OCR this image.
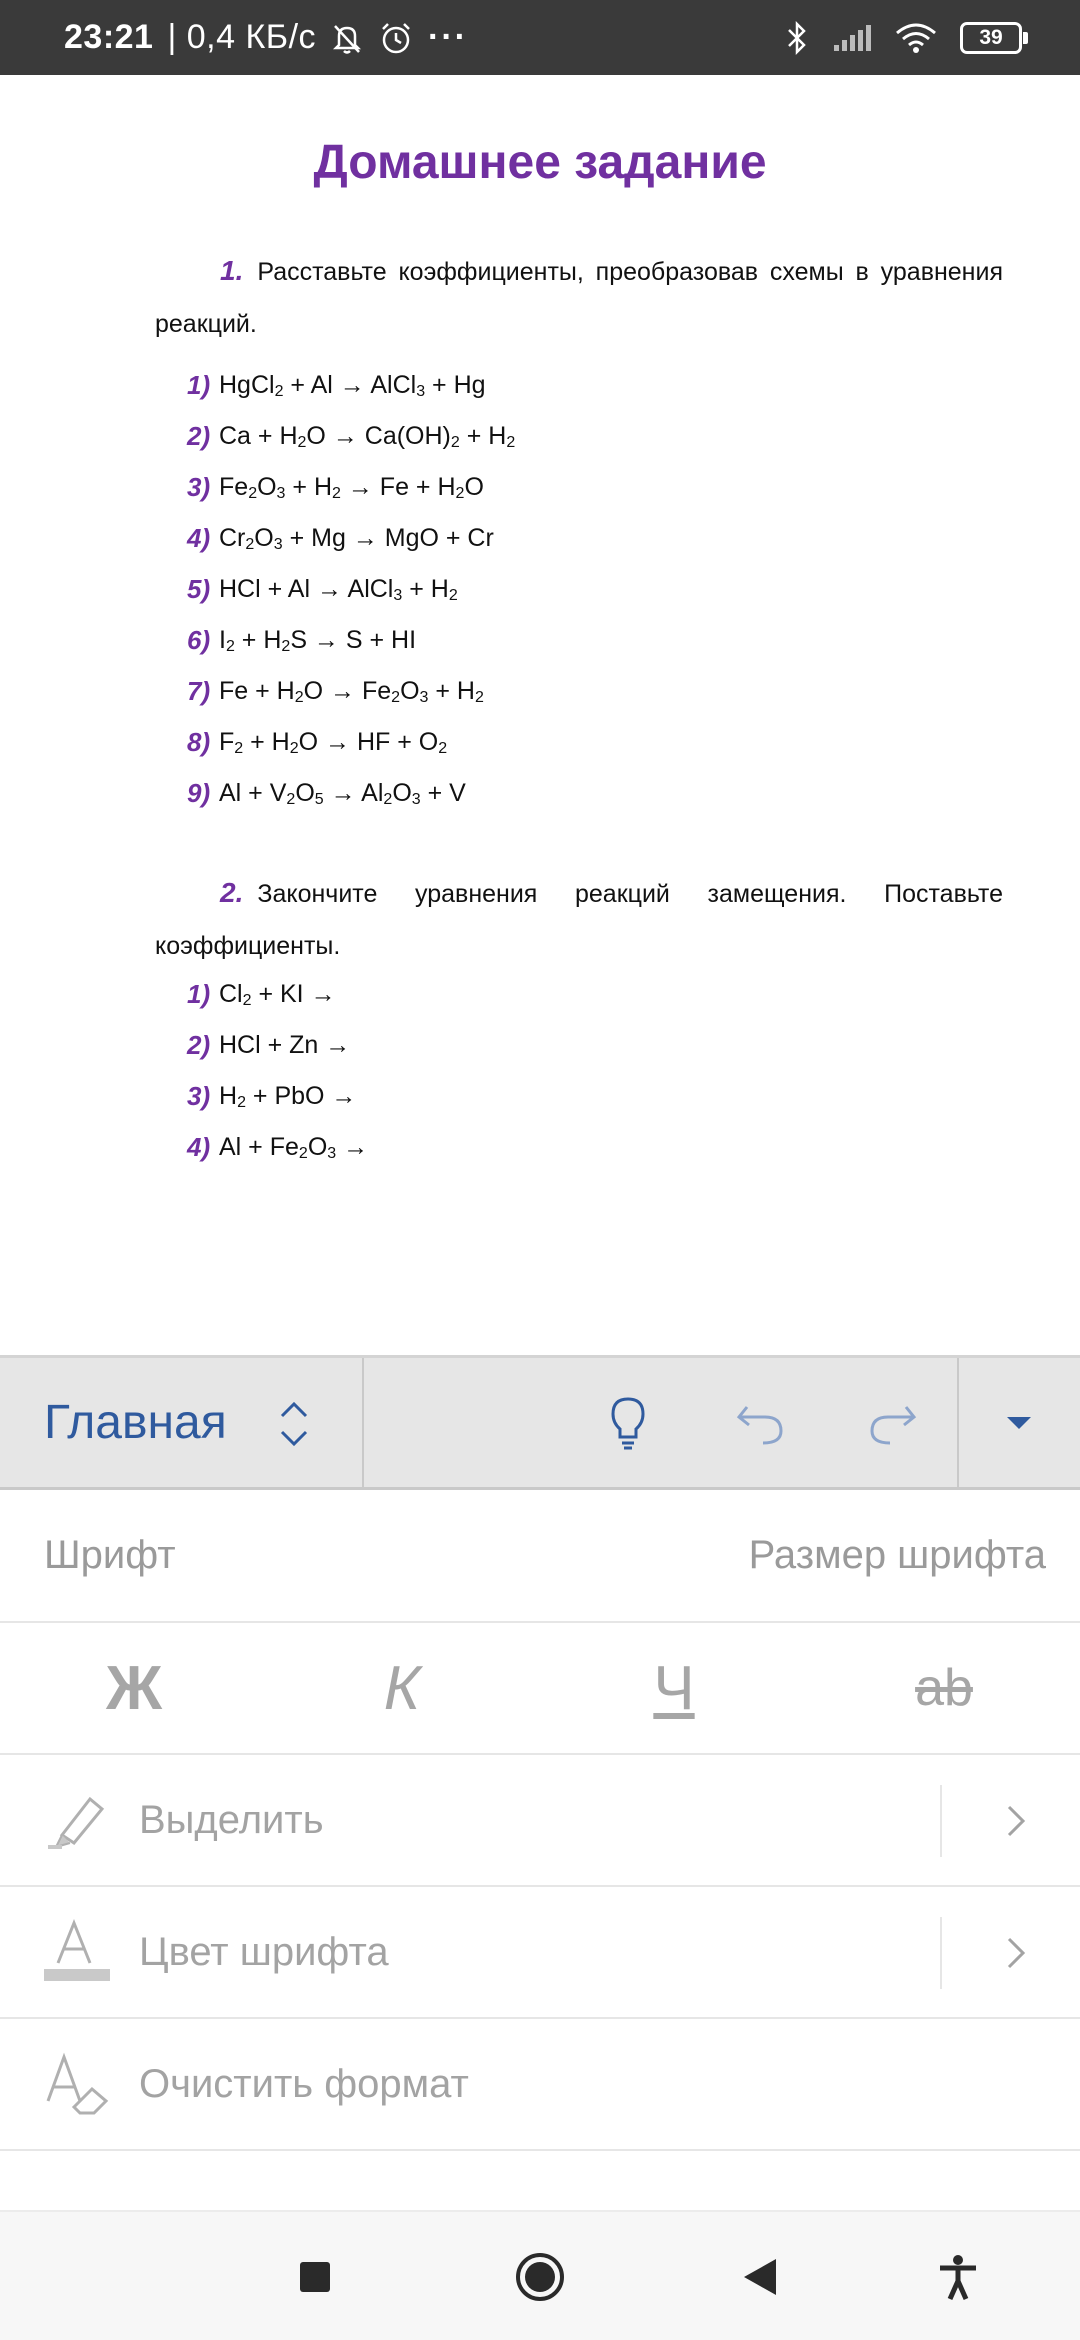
23:21 | 0,4 КБ/с	···	39
Домашнее задание
1. Расставьте коэффициенты, преобразовав схемы в уравнения реакций.
1) HgCl$_2$ + Al → AlCl$_3$ + Hg
2) $Ca + H_2O \to Ca(OH)_2 + H_2$
3) $Fe_2O_3 + H_2 \to Fe + H_2O$
4) $Cr_2O_3 + Mg$ → MgO + Cr
5) HCl + Al → AlCl$_3$ + $H_2$
6) $I_2 + H_2S \to S$ + HI
7) $Fe + H_2O \to Fe_2O_3 + H_2$
8) $F_2 + H_2O$ → HF + $O_2$
9) $Al + V_2O_5 \to Al_2O_3 + V$
2. Закончите уравнения реакций замещения. Поставьте коэффициенты.
1) $Cl_2$ + KI →
2) HCl + Zn →
3) $H_2$ + PbO →
4) $Al + Fe_2O_3$ →
Главная
Шрифт	Размер шрифта
Ж	К	Ч	ab
Выделить
Цвет шрифта
Очистить формат
